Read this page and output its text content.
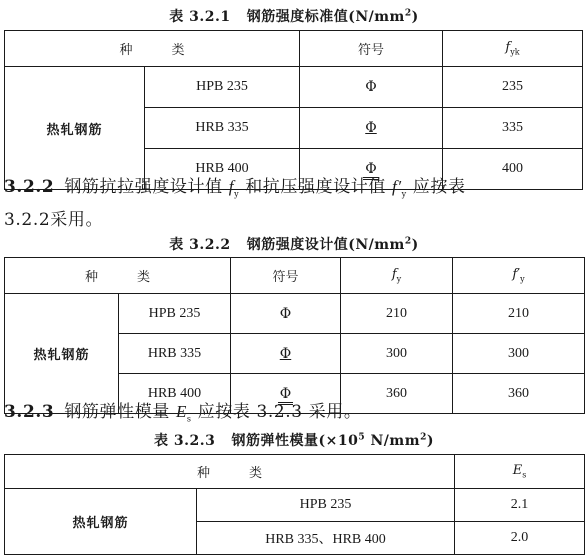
表 3.2.1 钢筋强度标准值$(N/mm^2)$
种    类		符号	$f_{yk}$
热轧钢筋	HPB 235	Φ	235
	HRB 335	Φ	335
	HRB 400	Φ	400
3.2.2 钢筋抗拉强度设计值 $f_y$ 和抗压强度设计值 $f'_y$ 应按表
3.2.2采用。
表 3.2.2 钢筋强度设计值$(N/mm^2)$
种    类		符号	$f_y$	$f'_y$
热轧钢筋	HPB 235	Φ	210	210
	HRB 335	Φ	300	300
	HRB 400	Φ	360	360
3.2.3 钢筋弹性模量 $E_s$ 应按表 3.2.3 采用。
表 3.2.3 钢筋弹性模量($\times 10^5$ $N/mm^2$)
种    类		$E_s$
热轧钢筋	HPB 235	2.1
	HRB 335、HRB 400	2.0
